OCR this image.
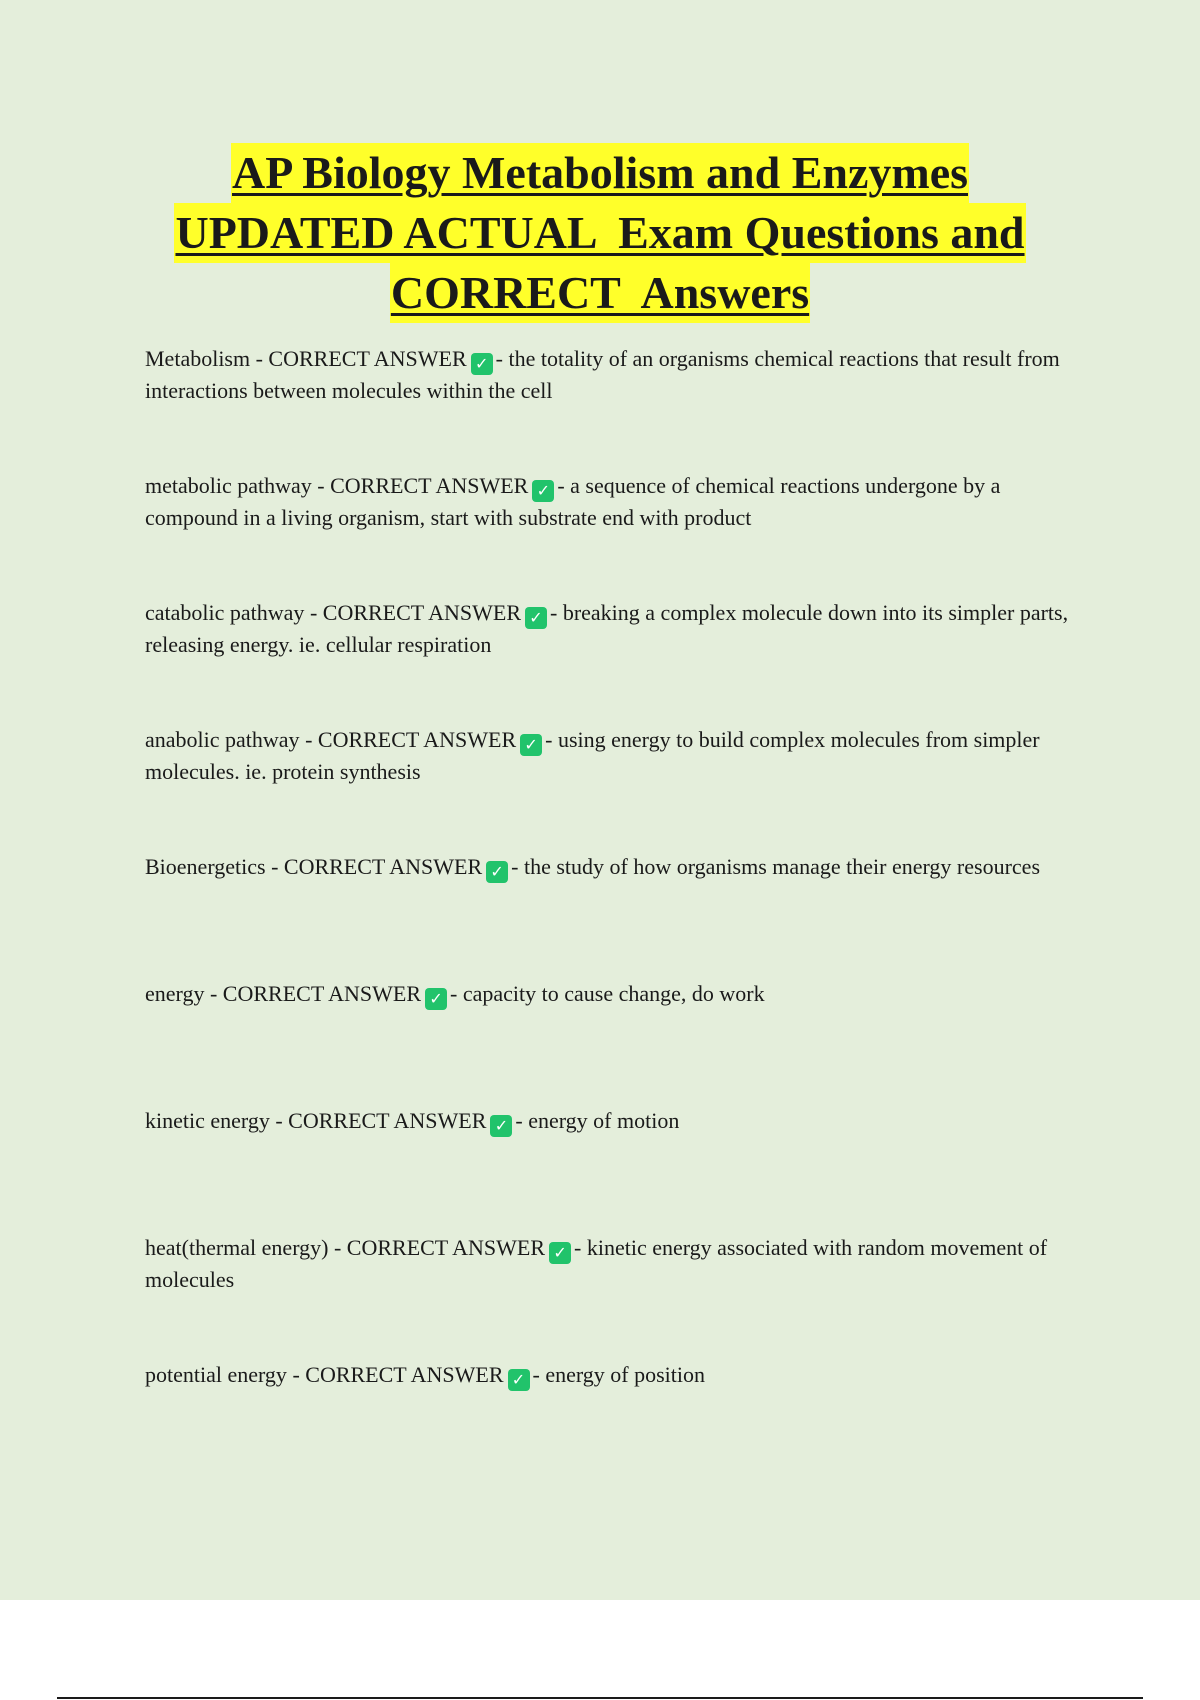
AP Biology Metabolism and Enzymes
UPDATED ACTUAL  Exam Questions and
CORRECT  Answers

Metabolism - CORRECT ANSWER ✓ - the totality of an organisms chemical reactions that result from interactions between molecules within the cell

metabolic pathway - CORRECT ANSWER ✓ - a sequence of chemical reactions undergone by a compound in a living organism, start with substrate end with product

catabolic pathway - CORRECT ANSWER ✓ - breaking a complex molecule down into its simpler parts, releasing energy. ie. cellular respiration

anabolic pathway - CORRECT ANSWER ✓ - using energy to build complex molecules from simpler molecules. ie. protein synthesis

Bioenergetics - CORRECT ANSWER ✓ - the study of how organisms manage their energy resources

energy - CORRECT ANSWER ✓ - capacity to cause change, do work

kinetic energy - CORRECT ANSWER ✓ - energy of motion

heat(thermal energy) - CORRECT ANSWER ✓ - kinetic energy associated with random movement of molecules

potential energy - CORRECT ANSWER ✓ - energy of position
